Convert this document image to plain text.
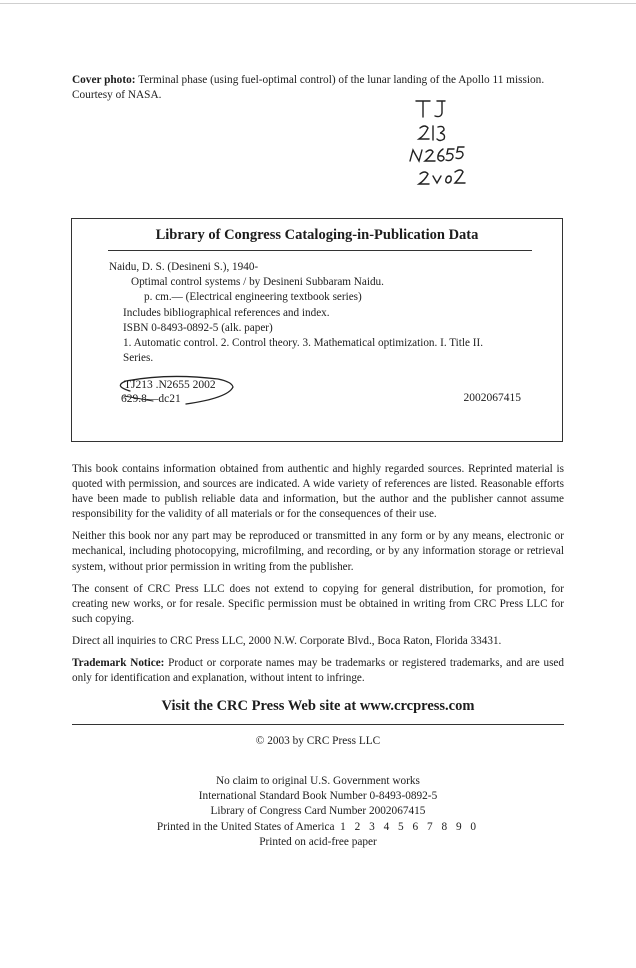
Cover photo: Terminal phase (using fuel-optimal control) of the lunar landing of the Apollo 11 mission.
Courtesy of NASA.
Library of Congress Cataloging-in-Publication Data
Naidu, D. S. (Desineni S.), 1940-
Optimal control systems / by Desineni Subbaram Naidu.
p. cm.— (Electrical engineering textbook series)
Includes bibliographical references and index.
ISBN 0-8493-0892-5 (alk. paper)
1. Automatic control. 2. Control theory. 3. Mathematical optimization. I. Title II.
Series.
TJ213 .N2655 2002
629.8—dc21	2002067415

This book contains information obtained from authentic and highly regarded sources. Reprinted material is quoted with permission, and sources are indicated. A wide variety of references are listed. Reasonable efforts have been made to publish reliable data and information, but the author and the publisher cannot assume responsibility for the validity of all materials or for the consequences of their use.

Neither this book nor any part may be reproduced or transmitted in any form or by any means, electronic or mechanical, including photocopying, microfilming, and recording, or by any information storage or retrieval system, without prior permission in writing from the publisher.

The consent of CRC Press LLC does not extend to copying for general distribution, for promotion, for creating new works, or for resale. Specific permission must be obtained in writing from CRC Press LLC for such copying.

Direct all inquiries to CRC Press LLC, 2000 N.W. Corporate Blvd., Boca Raton, Florida 33431.

Trademark Notice: Product or corporate names may be trademarks or registered trademarks, and are used only for identification and explanation, without intent to infringe.

Visit the CRC Press Web site at www.crcpress.com
© 2003 by CRC Press LLC
No claim to original U.S. Government works
International Standard Book Number 0-8493-0892-5
Library of Congress Card Number 2002067415
Printed in the United States of America 1 2 3 4 5 6 7 8 9 0
Printed on acid-free paper
